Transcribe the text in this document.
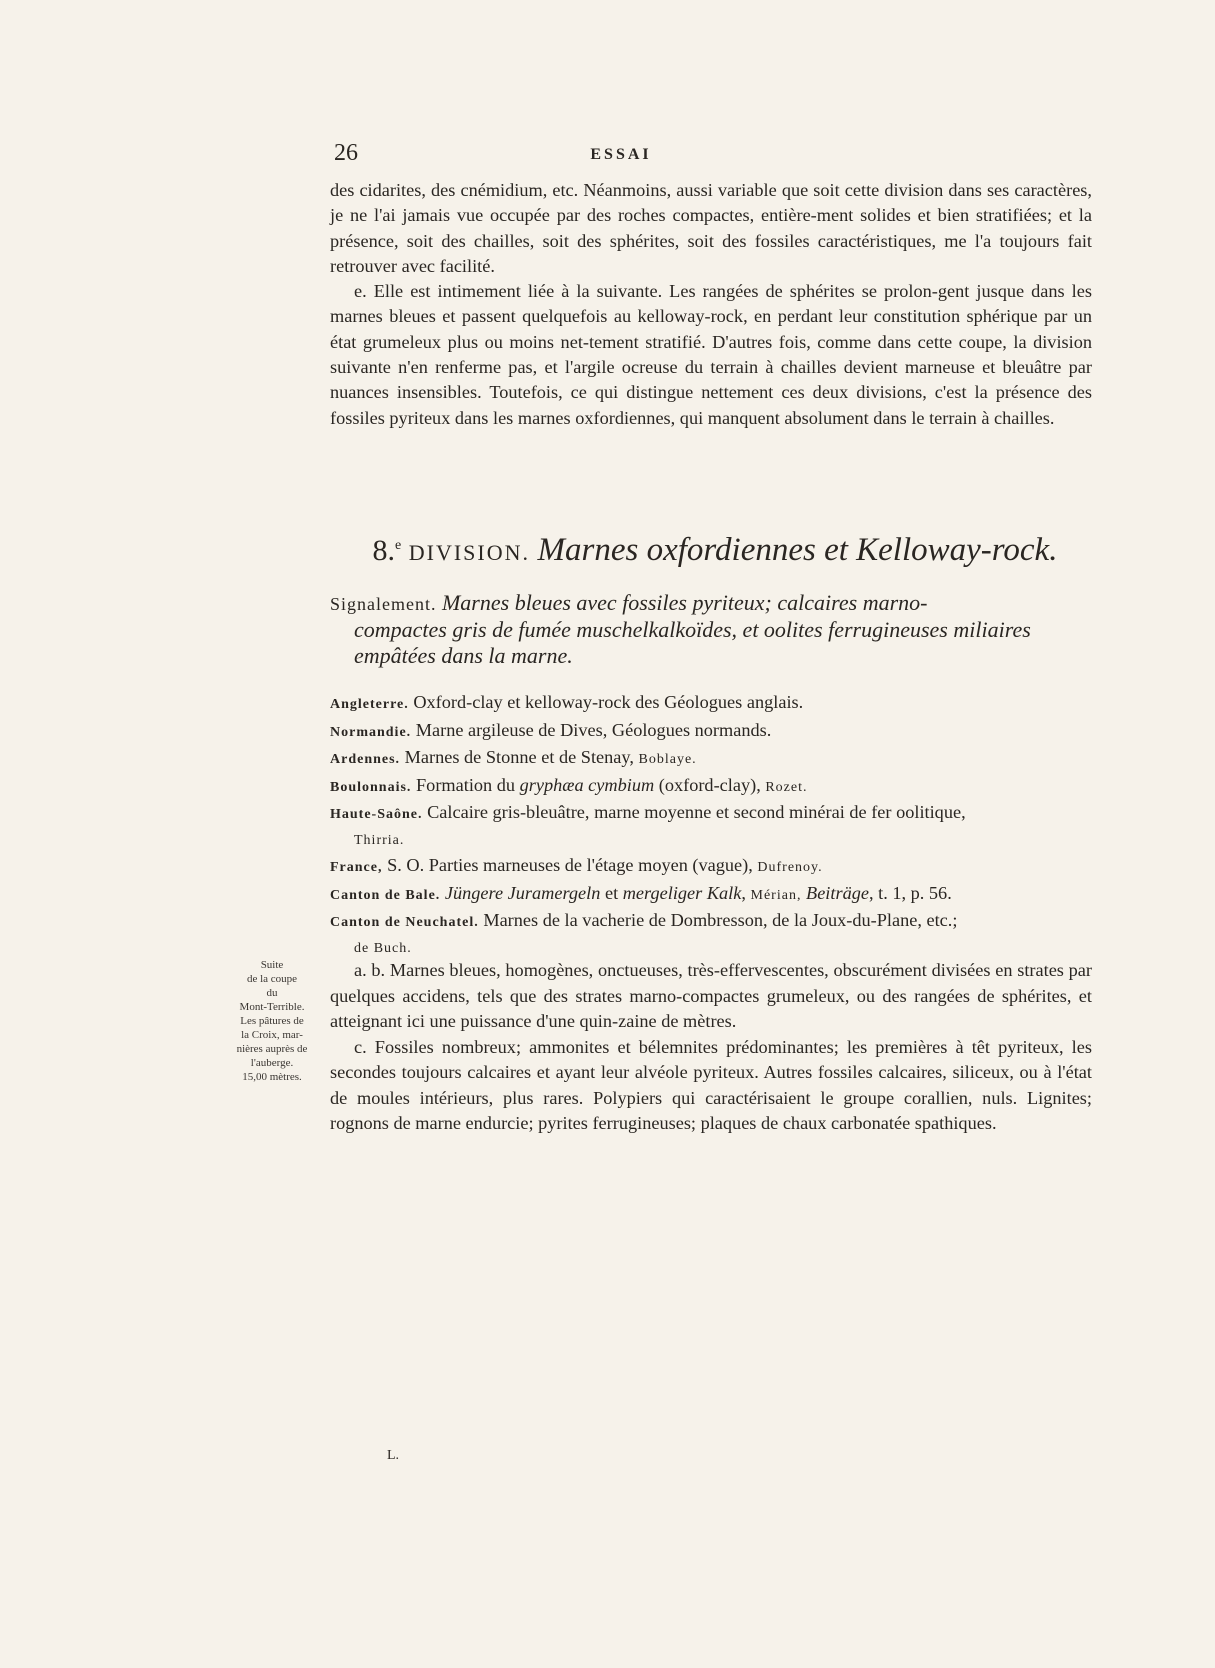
26	ESSAI

des cidarites, des cnémidium, etc. Néanmoins, aussi variable que soit cette division dans ses caractères, je ne l'ai jamais vue occupée par des roches compactes, entière-ment solides et bien stratifiées; et la présence, soit des chailles, soit des sphérites, soit des fossiles caractéristiques, me l'a toujours fait retrouver avec facilité.

e. Elle est intimement liée à la suivante. Les rangées de sphérites se prolon-gent jusque dans les marnes bleues et passent quelquefois au kelloway-rock, en perdant leur constitution sphérique par un état grumeleux plus ou moins net-tement stratifié. D'autres fois, comme dans cette coupe, la division suivante n'en renferme pas, et l'argile ocreuse du terrain à chailles devient marneuse et bleuâtre par nuances insensibles. Toutefois, ce qui distingue nettement ces deux divisions, c'est la présence des fossiles pyriteux dans les marnes oxfordiennes, qui manquent absolument dans le terrain à chailles.

8.$^e$ DIVISION. Marnes oxfordiennes et Kelloway-rock.

Signalement. Marnes bleues avec fossiles pyriteux; calcaires marno-

compactes gris de fumée muschelkalkoïdes, et oolites ferrugineuses miliaires empâtées dans la marne.

Angleterre. Oxford-clay et kelloway-rock des Géologues anglais.

Normandie. Marne argileuse de Dives, Géologues normands.

Ardennes. Marnes de Stonne et de Stenay, Boblaye.

Boulonnais. Formation du gryphæa cymbium (oxford-clay), Rozet.

Haute-Saône. Calcaire gris-bleuâtre, marne moyenne et second minérai de fer oolitique,
Thirria.

France, S. O. Parties marneuses de l'étage moyen (vague), Dufrenoy.

Canton de Bale. Jüngere Juramergeln et mergeliger Kalk, Mérian, Beiträge, t. 1, p. 56.

Canton de Neuchatel. Marnes de la vacherie de Dombresson, de la Joux-du-Plane, etc.;
de Buch.

Suite
de la coupe
du
Mont-Terrible.
Les pâtures de
la Croix, mar-
nières auprès de
l'auberge.
15,00 mètres.

a. b. Marnes bleues, homogènes, onctueuses, très-effervescentes, obscurément divisées en strates par quelques accidens, tels que des strates marno-compactes grumeleux, ou des rangées de sphérites, et atteignant ici une puissance d'une quin-zaine de mètres.

c. Fossiles nombreux; ammonites et bélemnites prédominantes; les premières à têt pyriteux, les secondes toujours calcaires et ayant leur alvéole pyriteux. Autres fossiles calcaires, siliceux, ou à l'état de moules intérieurs, plus rares. Polypiers qui caractérisaient le groupe corallien, nuls. Lignites; rognons de marne endurcie; pyrites ferrugineuses; plaques de chaux carbonatée spathiques.

L.
